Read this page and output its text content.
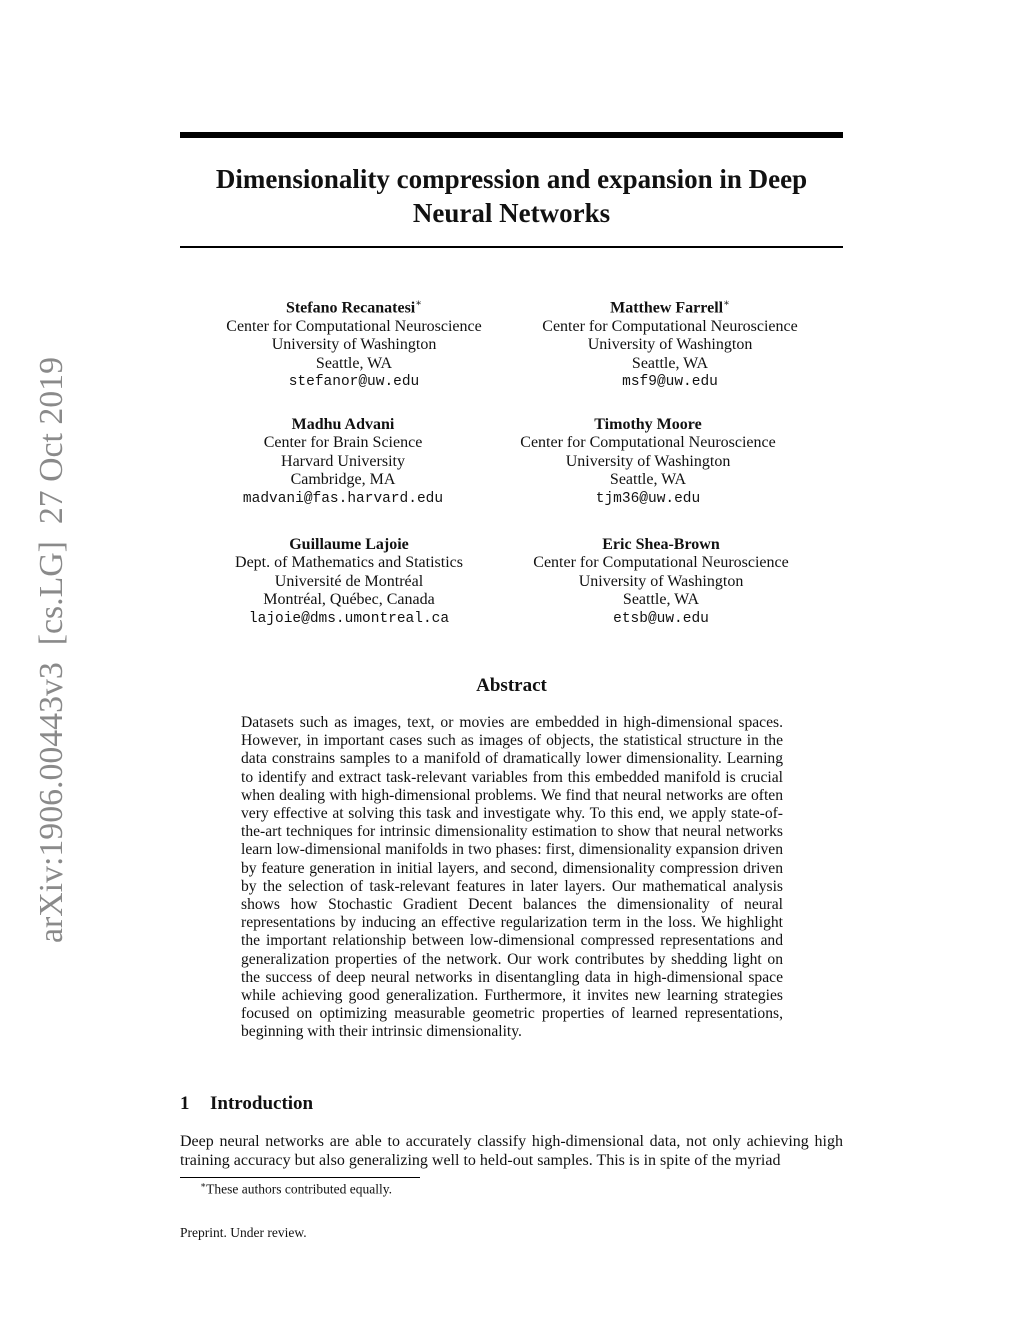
arXiv:1906.00443v3  [cs.LG]  27 Oct 2019
Dimensionality compression and expansion in Deep Neural Networks
Stefano Recanatesi∗
Center for Computational Neuroscience
University of Washington
Seattle, WA
stefanor@uw.edu
Matthew Farrell∗
Center for Computational Neuroscience
University of Washington
Seattle, WA
msf9@uw.edu
Madhu Advani
Center for Brain Science
Harvard University
Cambridge, MA
madvani@fas.harvard.edu
Timothy Moore
Center for Computational Neuroscience
University of Washington
Seattle, WA
tjm36@uw.edu
Guillaume Lajoie
Dept. of Mathematics and Statistics
Université de Montréal
Montréal, Québec, Canada
lajoie@dms.umontreal.ca
Eric Shea-Brown
Center for Computational Neuroscience
University of Washington
Seattle, WA
etsb@uw.edu
Abstract
Datasets such as images, text, or movies are embedded in high-dimensional spaces. However, in important cases such as images of objects, the statistical structure in the data constrains samples to a manifold of dramatically lower dimensionality. Learning to identify and extract task-relevant variables from this embedded manifold is crucial when dealing with high-dimensional problems. We find that neural networks are often very effective at solving this task and investigate why. To this end, we apply state-of-the-art techniques for intrinsic dimensionality estimation to show that neural networks learn low-dimensional manifolds in two phases: first, dimensionality expansion driven by feature generation in initial layers, and second, dimensionality compression driven by the selection of task-relevant features in later layers. Our mathematical analysis shows how Stochastic Gradient Decent balances the dimensionality of neural representations by inducing an effective regularization term in the loss. We highlight the important relationship between low-dimensional compressed representations and generalization properties of the network. Our work contributes by shedding light on the success of deep neural networks in disentangling data in high-dimensional space while achieving good generalization. Furthermore, it invites new learning strategies focused on optimizing measurable geometric properties of learned representations, beginning with their intrinsic dimensionality.
1 Introduction
Deep neural networks are able to accurately classify high-dimensional data, not only achieving high training accuracy but also generalizing well to held-out samples. This is in spite of the myriad
∗These authors contributed equally.
Preprint. Under review.
